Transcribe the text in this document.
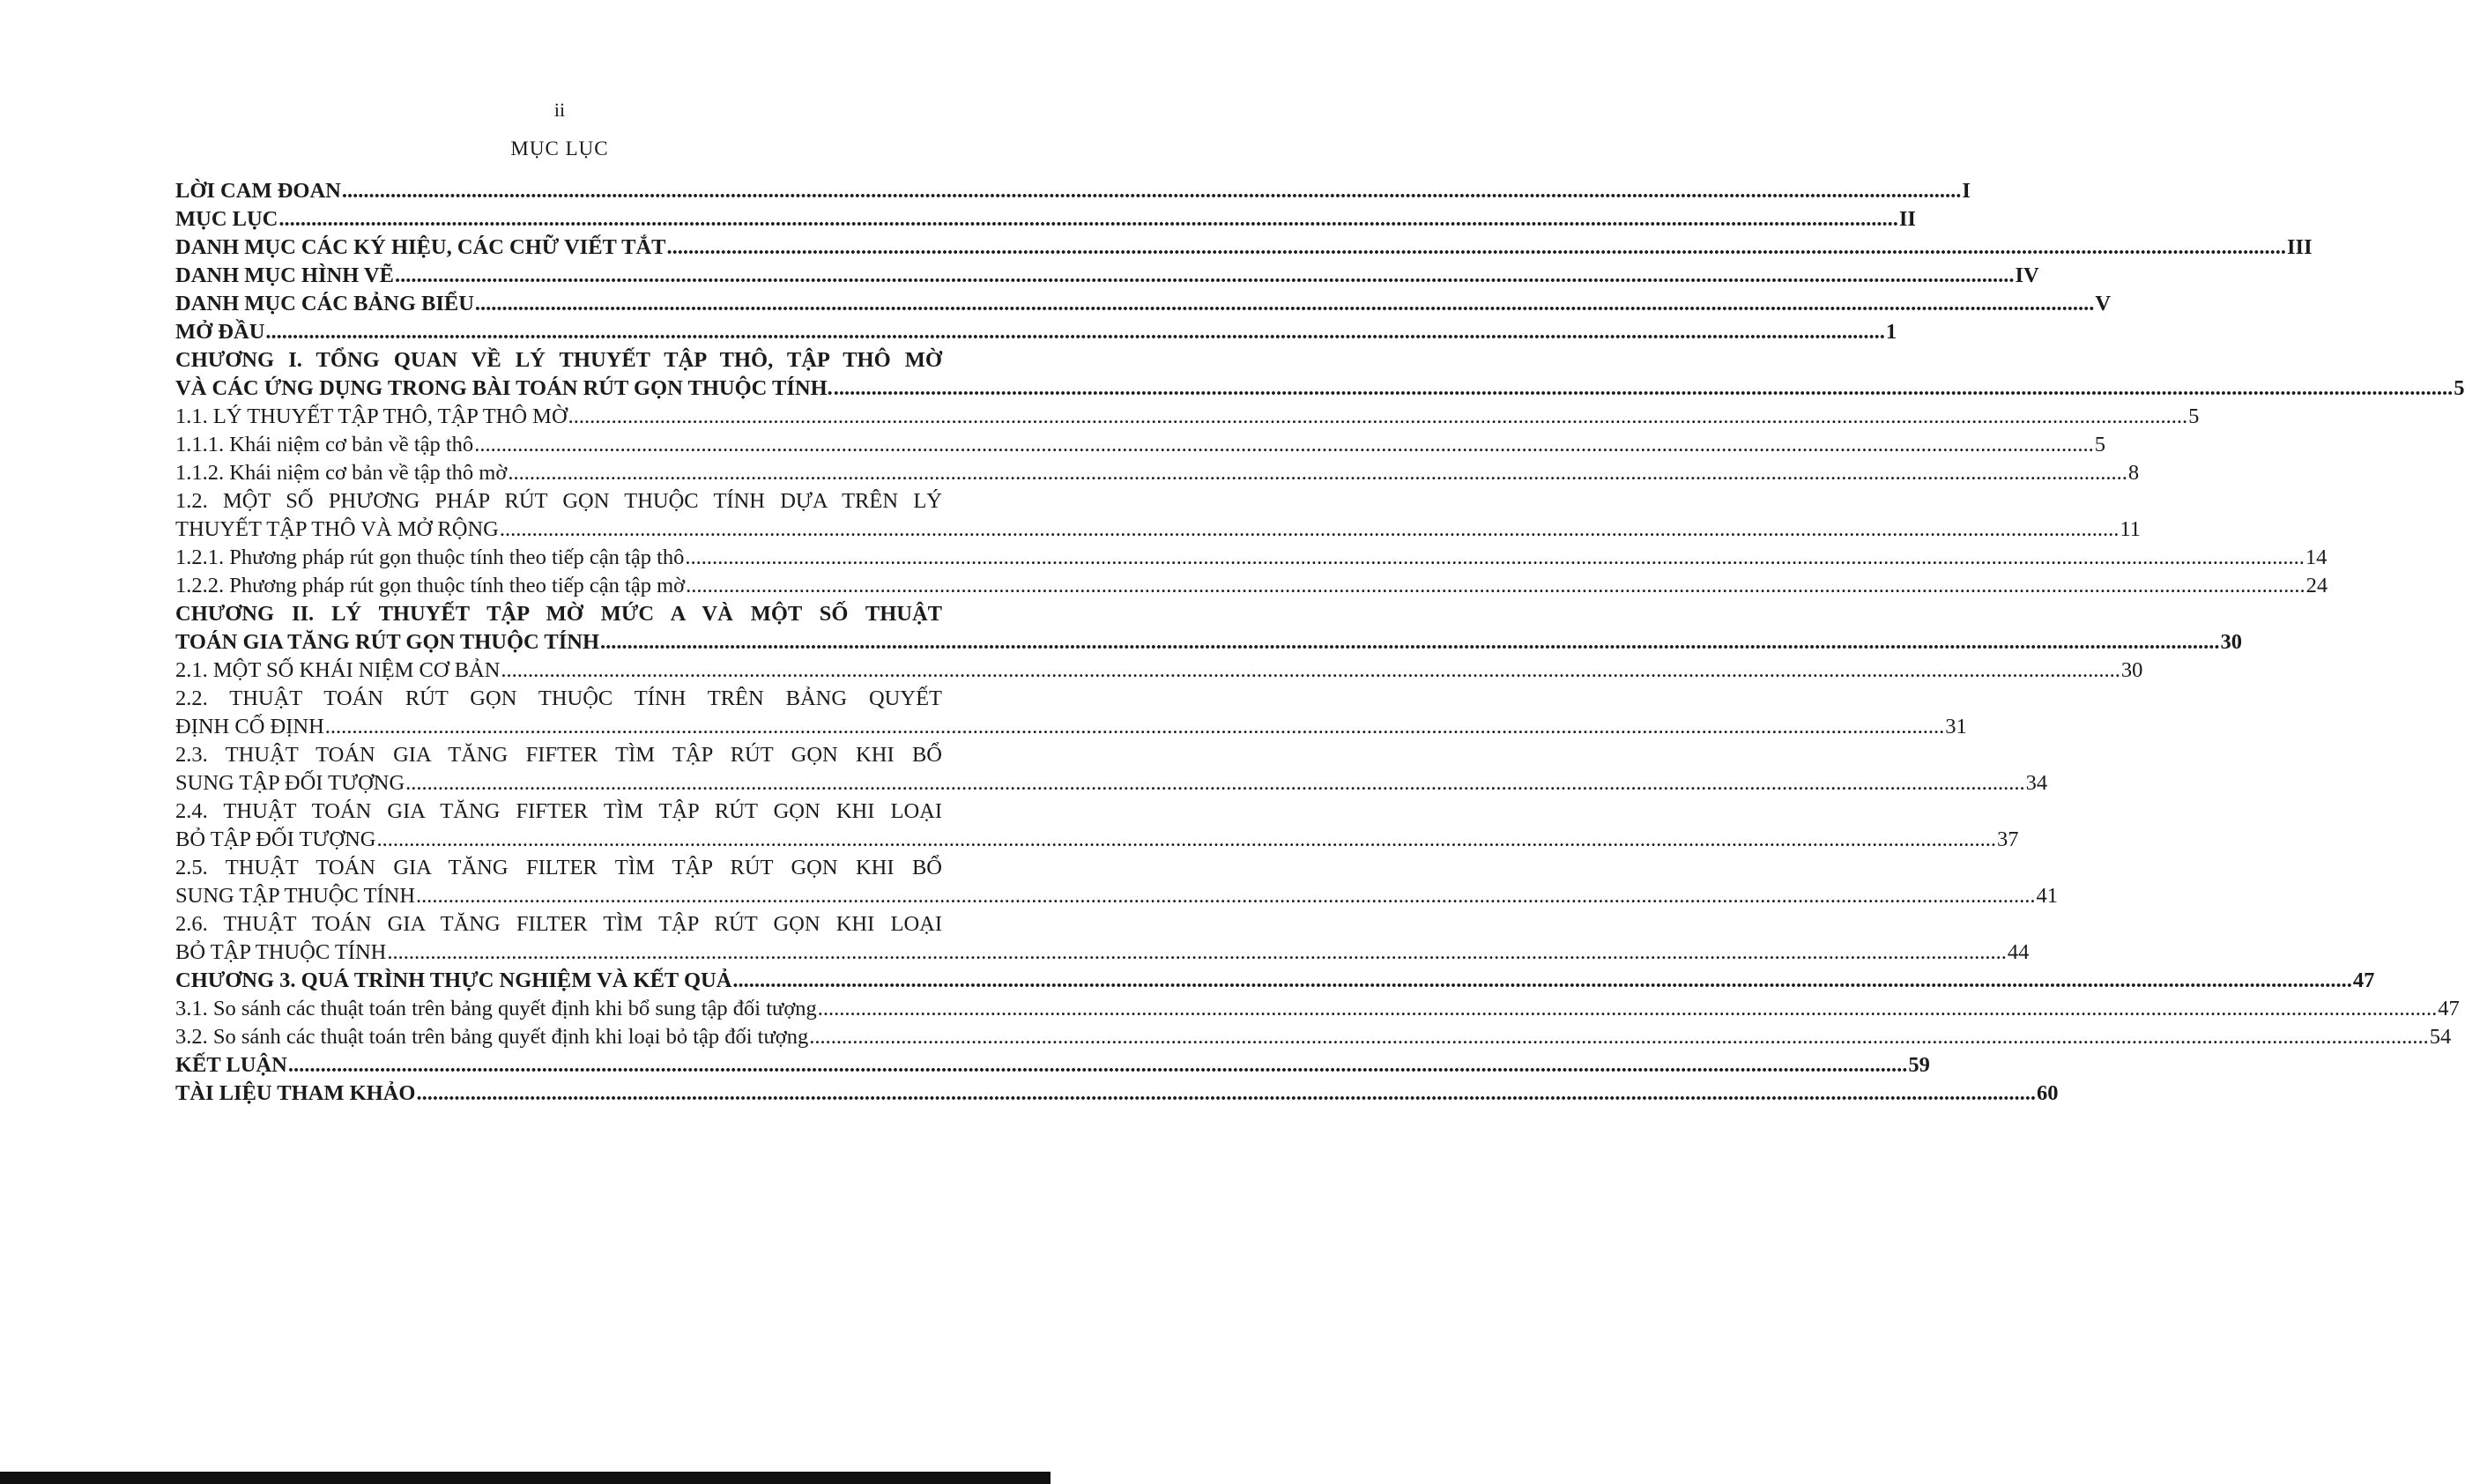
ii
MỤC LỤC
LỜI CAM ĐOAN ............................................................................................................................................................................................................................................................................................................ I
MỤC LỤC ............................................................................................................................................................................................................................................................................................................ II
DANH MỤC CÁC KÝ HIỆU, CÁC CHỮ VIẾT TẮT ............................................................................................................................................................................................................................................................................................................ III
DANH MỤC HÌNH VẼ ............................................................................................................................................................................................................................................................................................................ IV
DANH MỤC CÁC BẢNG BIỂU ............................................................................................................................................................................................................................................................................................................ V
MỞ ĐẦU ............................................................................................................................................................................................................................................................................................................ 1
CHƯƠNG I. TỔNG QUAN VỀ LÝ THUYẾT TẬP THÔ, TẬP THÔ MỜ
VÀ CÁC ỨNG DỤNG TRONG BÀI TOÁN RÚT GỌN THUỘC TÍNH. ............................................................................................................................................................................................................................................................................................................ 5
1.1. LÝ THUYẾT TẬP THÔ, TẬP THÔ MỜ ............................................................................................................................................................................................................................................................................................................ 5
1.1.1. Khái niệm cơ bản về tập thô ............................................................................................................................................................................................................................................................................................................ 5
1.1.2. Khái niệm cơ bản về tập thô mờ ............................................................................................................................................................................................................................................................................................................ 8
1.2. MỘT SỐ PHƯƠNG PHÁP RÚT GỌN THUỘC TÍNH DỰA TRÊN LÝ
THUYẾT TẬP THÔ VÀ MỞ RỘNG ............................................................................................................................................................................................................................................................................................................ 11
1.2.1. Phương pháp rút gọn thuộc tính theo tiếp cận tập thô ............................................................................................................................................................................................................................................................................................................ 14
1.2.2. Phương pháp rút gọn thuộc tính theo tiếp cận tập mờ ............................................................................................................................................................................................................................................................................................................ 24
CHƯƠNG II. LÝ THUYẾT TẬP MỜ MỨC A VÀ MỘT SỐ THUẬT
TOÁN GIA TĂNG RÚT GỌN THUỘC TÍNH ............................................................................................................................................................................................................................................................................................................ 30
2.1. MỘT SỐ KHÁI NIỆM CƠ BẢN ............................................................................................................................................................................................................................................................................................................ 30
2.2. THUẬT TOÁN RÚT GỌN THUỘC TÍNH TRÊN BẢNG QUYẾT
ĐỊNH CỐ ĐỊNH ............................................................................................................................................................................................................................................................................................................ 31
2.3. THUẬT TOÁN GIA TĂNG FIFTER TÌM TẬP RÚT GỌN KHI BỔ
SUNG TẬP ĐỐI TƯỢNG ............................................................................................................................................................................................................................................................................................................ 34
2.4. THUẬT TOÁN GIA TĂNG FIFTER TÌM TẬP RÚT GỌN KHI LOẠI
BỎ TẬP ĐỐI TƯỢNG ............................................................................................................................................................................................................................................................................................................ 37
2.5. THUẬT TOÁN GIA TĂNG FILTER TÌM TẬP RÚT GỌN KHI BỔ
SUNG TẬP THUỘC TÍNH ............................................................................................................................................................................................................................................................................................................ 41
2.6. THUẬT TOÁN GIA TĂNG FILTER TÌM TẬP RÚT GỌN KHI LOẠI
BỎ TẬP THUỘC TÍNH ............................................................................................................................................................................................................................................................................................................ 44
CHƯƠNG 3. QUÁ TRÌNH THỰC NGHIỆM VÀ KẾT QUẢ ............................................................................................................................................................................................................................................................................................................ 47
3.1. So sánh các thuật toán trên bảng quyết định khi bổ sung tập đối tượng ............................................................................................................................................................................................................................................................................................................ 47
3.2. So sánh các thuật toán trên bảng quyết định khi loại bỏ tập đối tượng ............................................................................................................................................................................................................................................................................................................ 54
KẾT LUẬN ............................................................................................................................................................................................................................................................................................................ 59
TÀI LIỆU THAM KHẢO ............................................................................................................................................................................................................................................................................................................ 60
